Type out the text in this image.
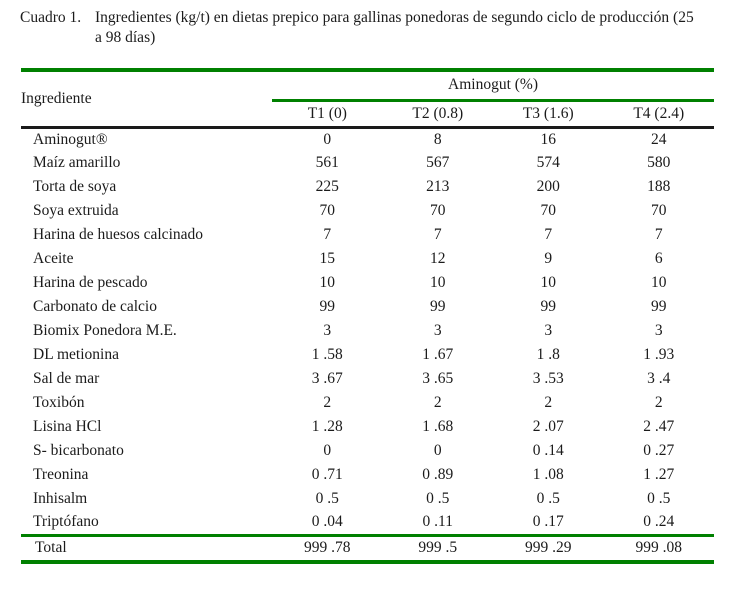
Cuadro 1. Ingredientes (kg/t) en dietas prepico para gallinas ponedoras de segundo ciclo de producción (25 a 98 días)
Ingrediente	Aminogut (%)			
	T1 (0)	T2 (0.8)	T3 (1.6)	T4 (2.4)
Aminogut®	0	8	16	24
Maíz amarillo	561	567	574	580
Torta de soya	225	213	200	188
Soya extruida	70	70	70	70
Harina de huesos calcinado	7	7	7	7
Aceite	15	12	9	6
Harina de pescado	10	10	10	10
Carbonato de calcio	99	99	99	99
Biomix Ponedora M.E.	3	3	3	3
DL metionina	1 .58	1 .67	1 .8	1 .93
Sal de mar	3 .67	3 .65	3 .53	3 .4
Toxibón	2	2	2	2
Lisina HCl	1 .28	1 .68	2 .07	2 .47
S- bicarbonato	0	0	0 .14	0 .27
Treonina	0 .71	0 .89	1 .08	1 .27
Inhisalm	0 .5	0 .5	0 .5	0 .5
Triptófano	0 .04	0 .11	0 .17	0 .24
Total	999 .78	999 .5	999 .29	999 .08
